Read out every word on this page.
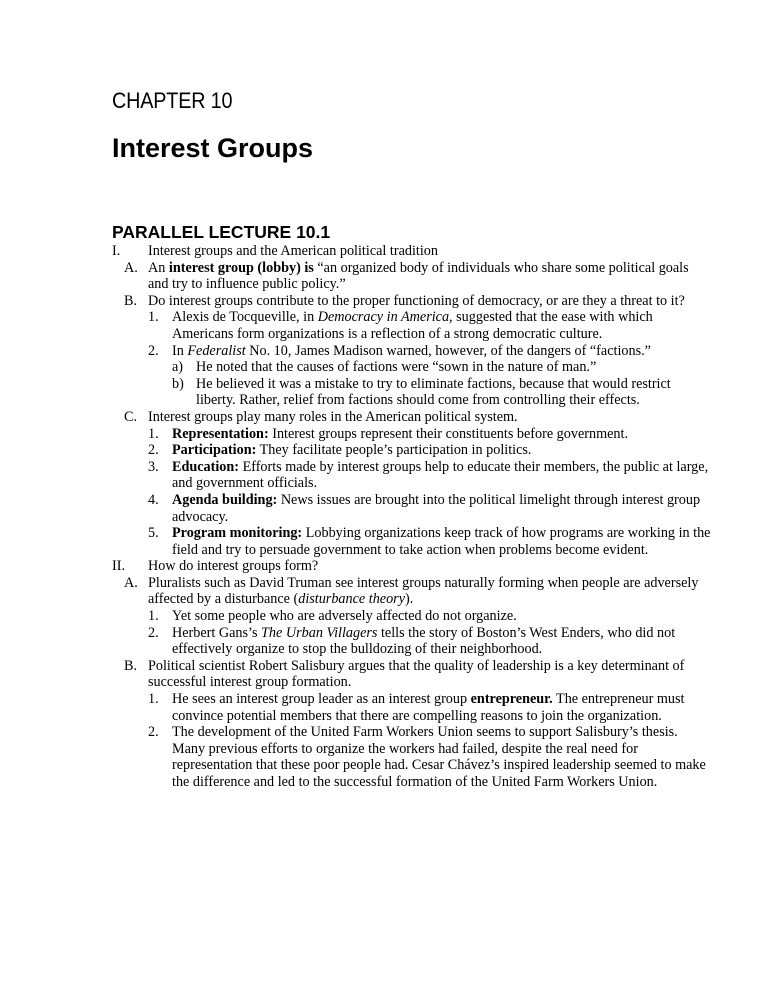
CHAPTER 10
Interest Groups
PARALLEL LECTURE 10.1
I.	Interest groups and the American political tradition
A. An interest group (lobby) is “an organized body of individuals who share some political goals and try to influence public policy.”
B. Do interest groups contribute to the proper functioning of democracy, or are they a threat to it?
1. Alexis de Tocqueville, in Democracy in America, suggested that the ease with which Americans form organizations is a reflection of a strong democratic culture.
2. In Federalist No. 10, James Madison warned, however, of the dangers of “factions.”
a) He noted that the causes of factions were “sown in the nature of man.”
b) He believed it was a mistake to try to eliminate factions, because that would restrict liberty. Rather, relief from factions should come from controlling their effects.
C. Interest groups play many roles in the American political system.
1. Representation: Interest groups represent their constituents before government.
2. Participation: They facilitate people’s participation in politics.
3. Education: Efforts made by interest groups help to educate their members, the public at large, and government officials.
4. Agenda building: News issues are brought into the political limelight through interest group advocacy.
5. Program monitoring: Lobbying organizations keep track of how programs are working in the field and try to persuade government to take action when problems become evident.
II.	How do interest groups form?
A. Pluralists such as David Truman see interest groups naturally forming when people are adversely affected by a disturbance (disturbance theory).
1. Yet some people who are adversely affected do not organize.
2. Herbert Gans’s The Urban Villagers tells the story of Boston’s West Enders, who did not effectively organize to stop the bulldozing of their neighborhood.
B. Political scientist Robert Salisbury argues that the quality of leadership is a key determinant of successful interest group formation.
1. He sees an interest group leader as an interest group entrepreneur. The entrepreneur must convince potential members that there are compelling reasons to join the organization.
2. The development of the United Farm Workers Union seems to support Salisbury’s thesis. Many previous efforts to organize the workers had failed, despite the real need for representation that these poor people had. Cesar Chávez’s inspired leadership seemed to make the difference and led to the successful formation of the United Farm Workers Union.
